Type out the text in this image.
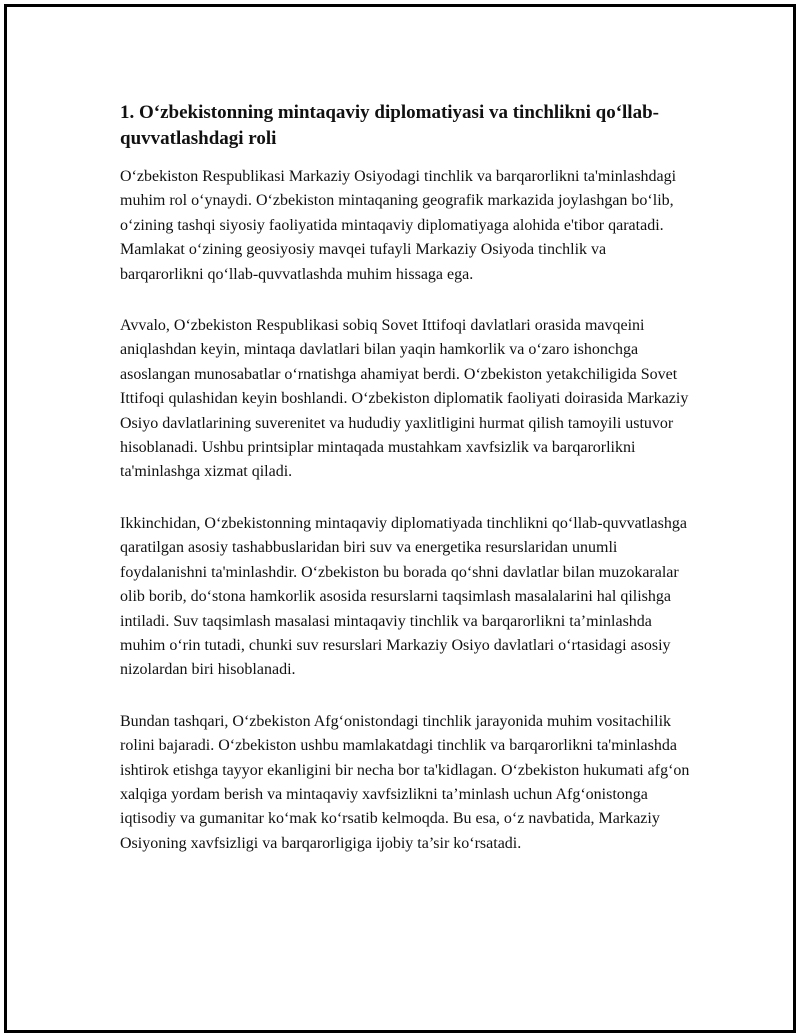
1. O‘zbekistonning mintaqaviy diplomatiyasi va tinchlikni qo‘llab-quvvatlashdagi roli

O‘zbekiston Respublikasi Markaziy Osiyodagi tinchlik va barqarorlikni ta'minlashdagi muhim rol o‘ynaydi. O‘zbekiston mintaqaning geografik markazida joylashgan bo‘lib, o‘zining tashqi siyosiy faoliyatida mintaqaviy diplomatiyaga alohida e'tibor qaratadi. Mamlakat o‘zining geosiyosiy mavqei tufayli Markaziy Osiyoda tinchlik va barqarorlikni qo‘llab-quvvatlashda muhim hissaga ega.

Avvalo, O‘zbekiston Respublikasi sobiq Sovet Ittifoqi davlatlari orasida mavqeini aniqlashdan keyin, mintaqa davlatlari bilan yaqin hamkorlik va o‘zaro ishonchga asoslangan munosabatlar o‘rnatishga ahamiyat berdi. O‘zbekiston yetakchiligida Sovet Ittifoqi qulashidan keyin boshlandi. O‘zbekiston diplomatik faoliyati doirasida Markaziy Osiyo davlatlarining suverenitet va hududiy yaxlitligini hurmat qilish tamoyili ustuvor hisoblanadi. Ushbu printsiplar mintaqada mustahkam xavfsizlik va barqarorlikni ta'minlashga xizmat qiladi.

Ikkinchidan, O‘zbekistonning mintaqaviy diplomatiyada tinchlikni qo‘llab-quvvatlashga qaratilgan asosiy tashabbuslaridan biri suv va energetika resurslaridan unumli foydalanishni ta'minlashdir. O‘zbekiston bu borada qo‘shni davlatlar bilan muzokaralar olib borib, do‘stona hamkorlik asosida resurslarni taqsimlash masalalarini hal qilishga intiladi. Suv taqsimlash masalasi mintaqaviy tinchlik va barqarorlikni ta’minlashda muhim o‘rin tutadi, chunki suv resurslari Markaziy Osiyo davlatlari o‘rtasidagi asosiy nizolardan biri hisoblanadi.

Bundan tashqari, O‘zbekiston Afg‘onistondagi tinchlik jarayonida muhim vositachilik rolini bajaradi. O‘zbekiston ushbu mamlakatdagi tinchlik va barqarorlikni ta'minlashda ishtirok etishga tayyor ekanligini bir necha bor ta'kidlagan. O‘zbekiston hukumati afg‘on xalqiga yordam berish va mintaqaviy xavfsizlikni ta’minlash uchun Afg‘onistonga iqtisodiy va gumanitar ko‘mak ko‘rsatib kelmoqda. Bu esa, o‘z navbatida, Markaziy Osiyoning xavfsizligi va barqarorligiga ijobiy ta’sir ko‘rsatadi.
